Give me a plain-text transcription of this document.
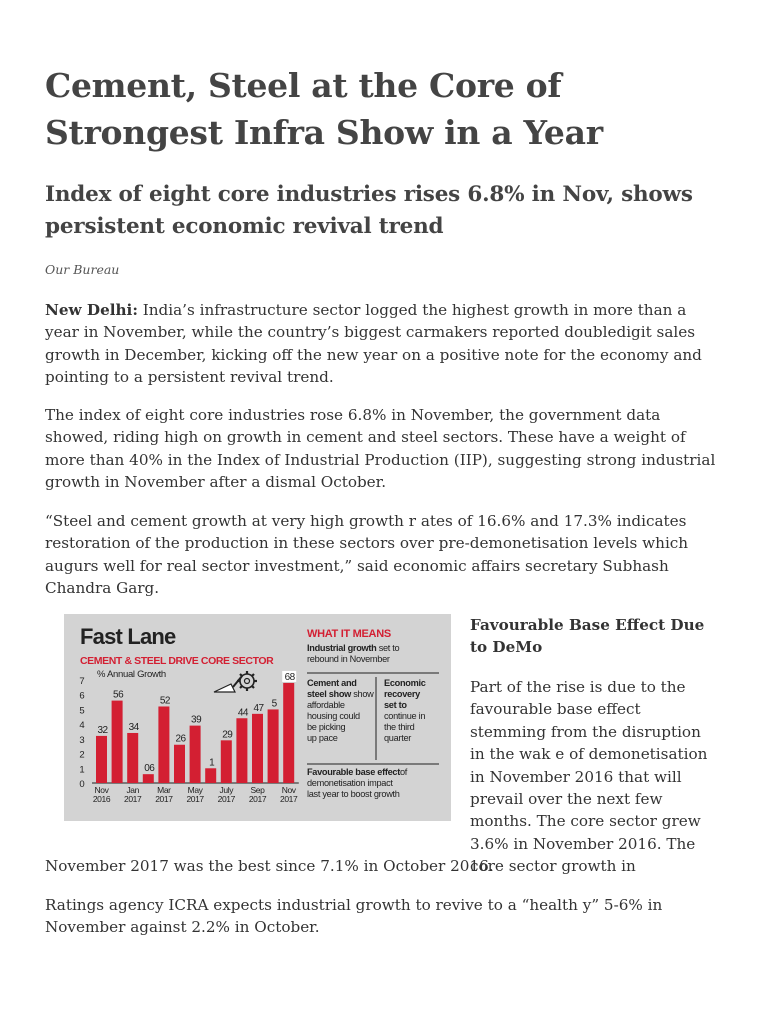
Cement, Steel at the Core of Strongest Infra Show in a Year
Index of eight core industries rises 6.8% in Nov, shows persistent economic revival trend

Our Bureau

New Delhi: India’s infrastructure sector logged the highest growth in more than a year in November, while the country’s biggest carmakers reported doubledigit sales growth in December, kicking off the new year on a positive note for the economy and pointing to a persistent revival trend.

The index of eight core industries rose 6.8% in November, the government data showed, riding high on growth in cement and steel sectors. These have a weight of more than 40% in the Index of Industrial Production (IIP), suggesting strong industrial growth in November after a dismal October.

“Steel and cement growth at very high growth r ates of 16.6% and 17.3% indicates restoration of the production in these sectors over pre-demonetisation levels which augurs well for real sector investment,” said economic affairs secretary Subhash Chandra Garg.

Favourable Base Effect Due to DeMo

Part of the rise is due to the favourable base effect stemming from the disruption in the wak e of demonetisation in November 2016 that will prevail over the next few months. The core sector grew 3.6% in November 2016. The core sector growth in

November 2017 was the best since 7.1% in October 2016.

Ratings agency ICRA expects industrial growth to revive to a “health y” 5-6% in November against 2.2% in October.

Fast Lane
CEMENT & STEEL DRIVE CORE SECTOR
% Annual Growth
0
1
2
3
4
5
6
7
32
56
34
06
52
26
39
1
29
44 47 5
68
Nov
2016
Jan
2017
Mar
2017
May
2017
July
2017
Sep
2017
Nov
2017
WHAT IT MEANS
Industrial growth set to
rebound in November
Cement and
steel show show
affordable
housing could
be picking
up pace
Economic
recovery
set to
continue in
the third
quarter
Favourable base effectof
demonetisation impact
last year to boost growth
